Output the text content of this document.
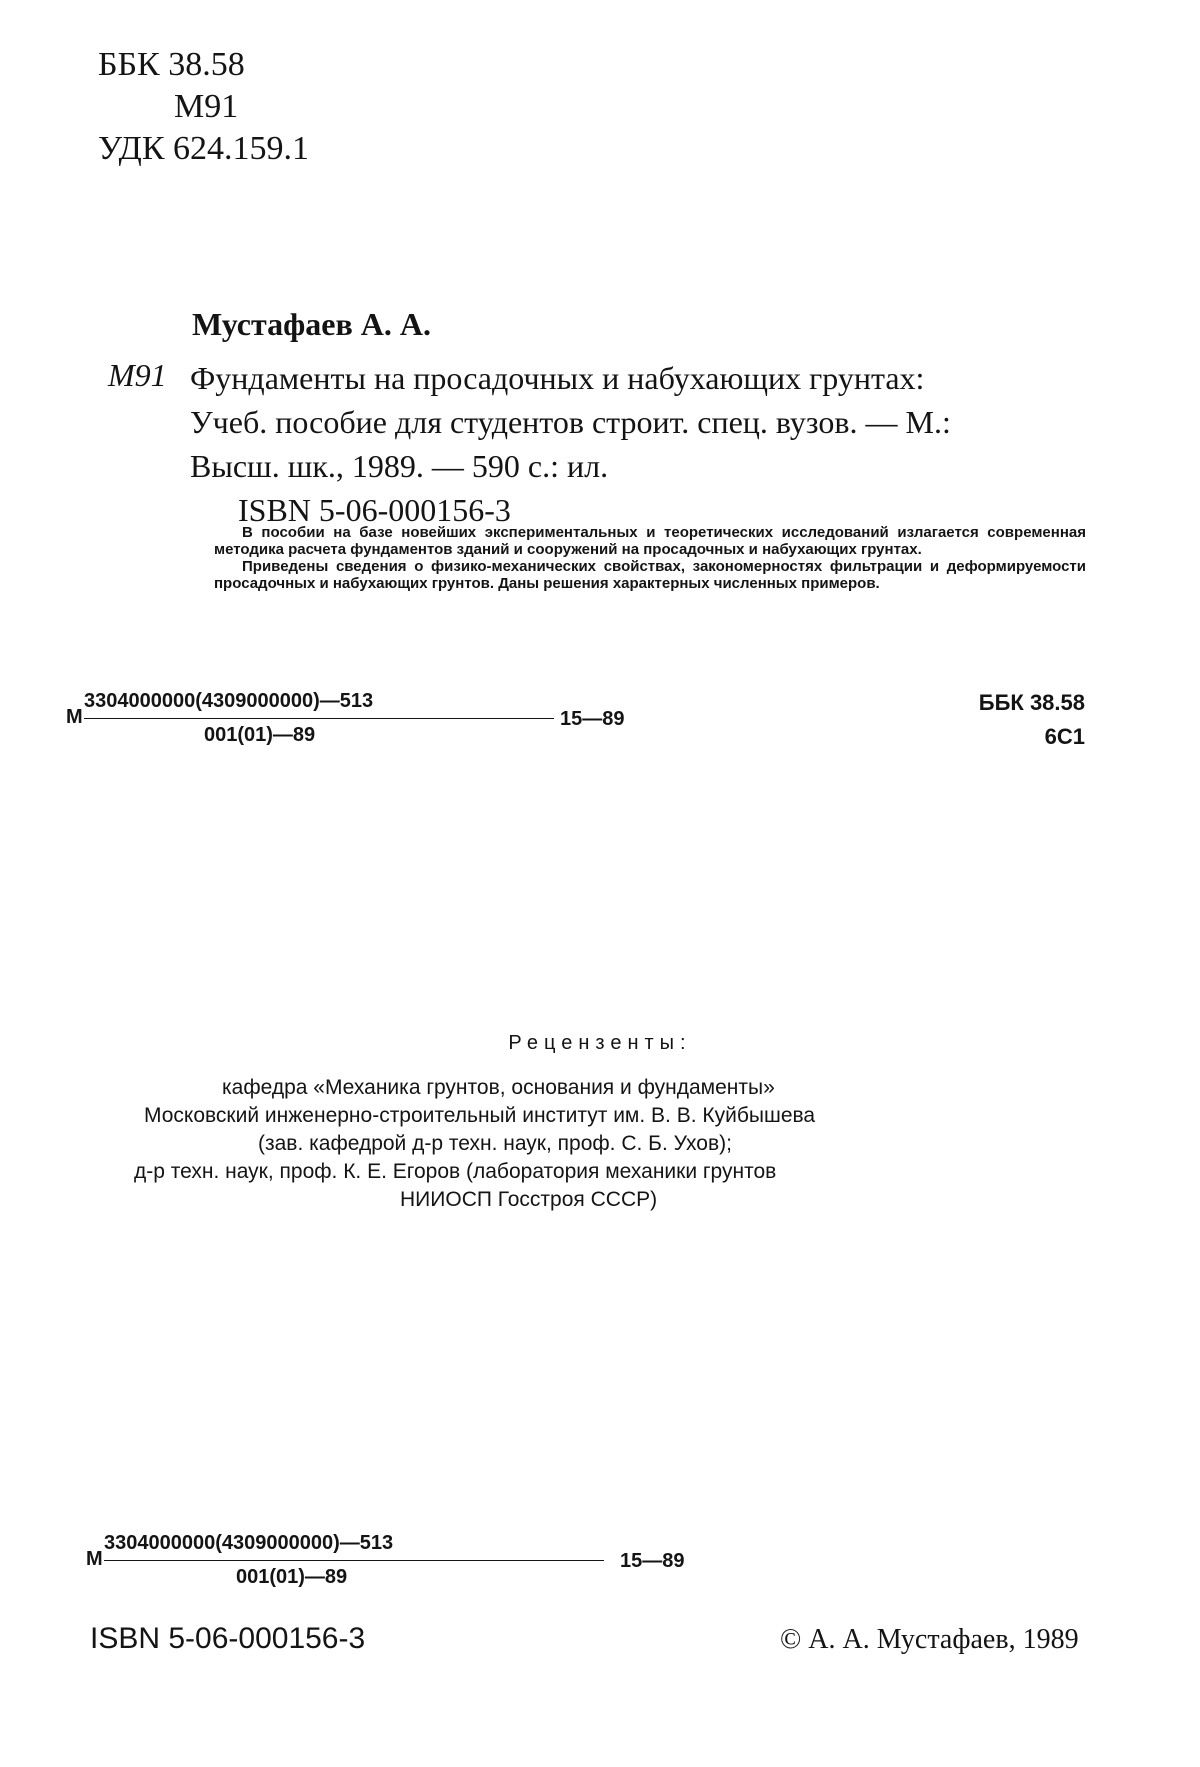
ББК 38.58
М91
УДК 624.159.1
Мустафаев А. А.
М91 Фундаменты на просадочных и набухающих грунтах:
Учеб. пособие для студентов строит. спец. вузов. — М.:
Высш. шк., 1989. — 590 с.: ил.
ISBN 5-06-000156-3

В пособии на базе новейших экспериментальных и теоретических исследований излагается современная методика расчета фундаментов зданий и сооружений на просадочных и набухающих грунтах.

Приведены сведения о физико-механических свойствах, закономерностях фильтрации и деформируемости просадочных и набухающих грунтов. Даны решения характерных численных примеров.

М
3304000000(4309000000)—513
001(01)—89
15—89
ББК 38.58
6С1
Рецензенты:
кафедра «Механика грунтов, основания и фундаменты»
Московский инженерно-строительный институт им. В. В. Куйбышева
(зав. кафедрой д-р техн. наук, проф. С. Б. Ухов);
д-р техн. наук, проф. К. Е. Егоров (лаборатория механики грунтов
НИИОСП Госстроя СССР)
М
3304000000(4309000000)—513
001(01)—89
15—89
ISBN 5-06-000156-3	© А. А. Мустафаев, 1989
